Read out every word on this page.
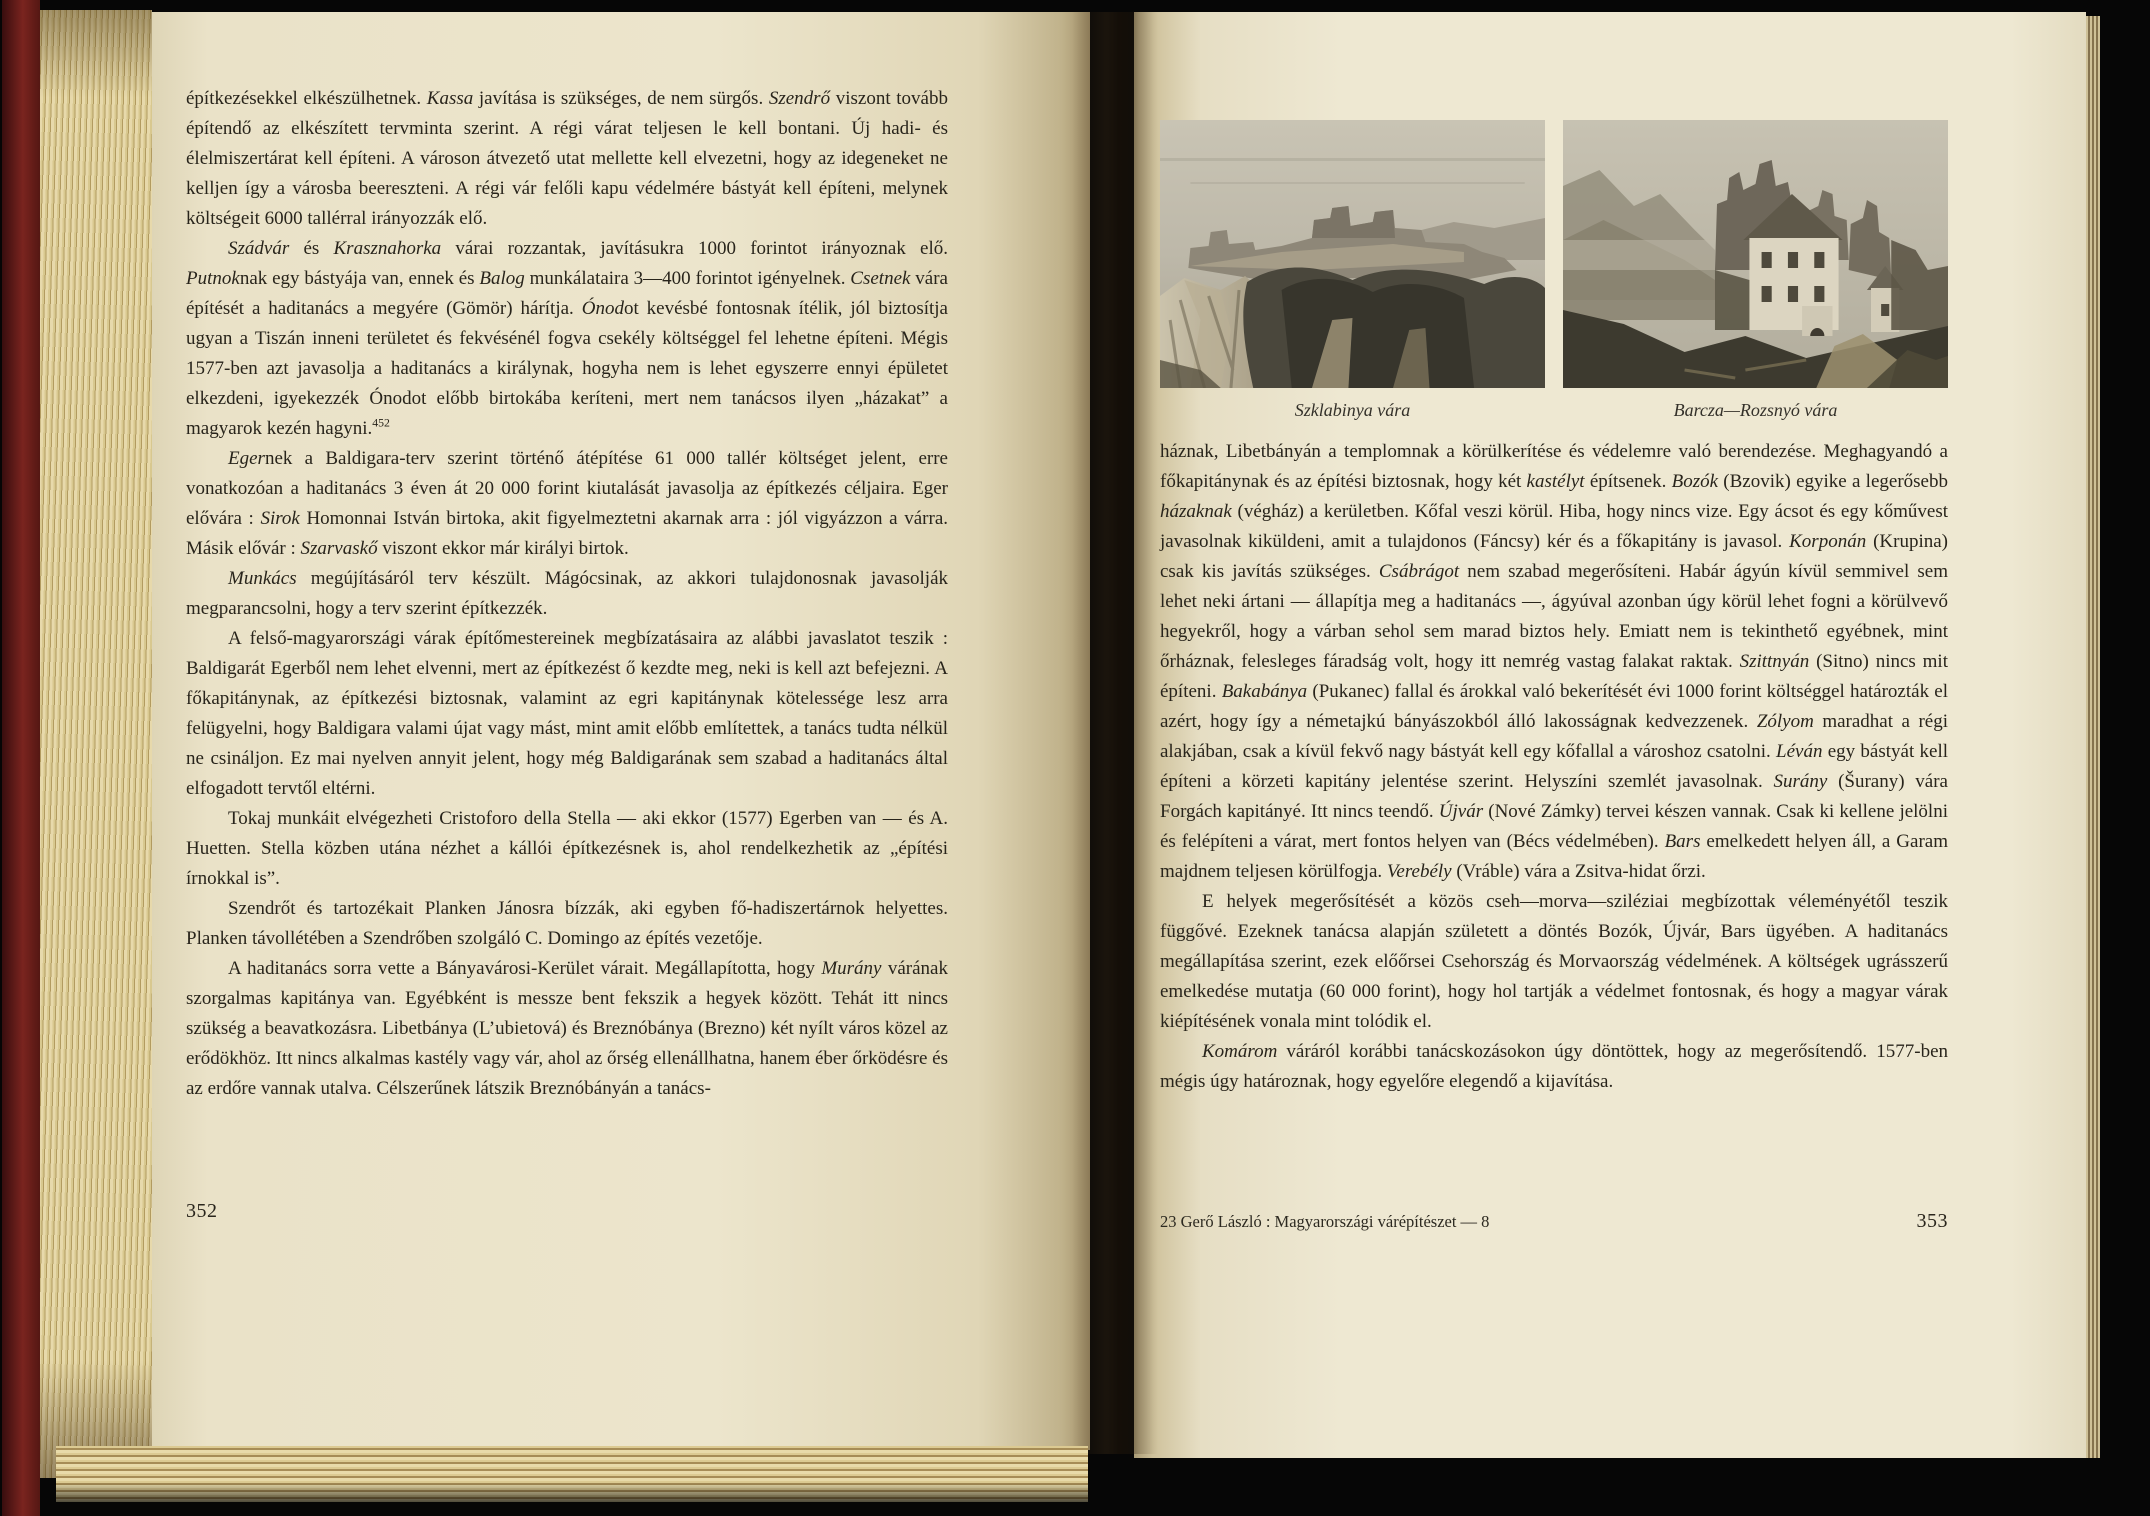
építkezésekkel elkészülhetnek. Kassa javítása is szükséges, de nem sürgős. Szendrő viszont tovább építendő az elkészített tervminta szerint. A régi várat teljesen le kell bontani. Új hadi- és élelmiszertárat kell építeni. A városon átvezető utat mellette kell elvezetni, hogy az idegeneket ne kelljen így a városba beereszteni. A régi vár felőli kapu védelmére bástyát kell építeni, melynek költségeit 6000 tallérral irányozzák elő.

Szádvár és Krasznahorka várai rozzantak, javításukra 1000 forintot irányoznak elő. Putnoknak egy bástyája van, ennek és Balog munkálataira 3—400 forintot igényelnek. Csetnek vára építését a haditanács a megyére (Gömör) hárítja. Ónodot kevésbé fontosnak ítélik, jól biztosítja ugyan a Tiszán inneni területet és fekvésénél fogva csekély költséggel fel lehetne építeni. Mégis 1577-ben azt javasolja a haditanács a királynak, hogyha nem is lehet egyszerre ennyi épületet elkezdeni, igyekezzék Ónodot előbb birtokába keríteni, mert nem tanácsos ilyen „házakat” a magyarok kezén hagyni.$^{452}$

Egernek a Baldigara-terv szerint történő átépítése 61 000 tallér költséget jelent, erre vonatkozóan a haditanács 3 éven át 20 000 forint kiutalását javasolja az építkezés céljaira. Eger elővára : Sirok Homonnai István birtoka, akit figyelmeztetni akarnak arra : jól vigyázzon a várra. Másik elővár : Szarvaskő viszont ekkor már királyi birtok.

Munkács megújításáról terv készült. Mágócsinak, az akkori tulajdonosnak javasolják megparancsolni, hogy a terv szerint építkezzék.

A felső-magyarországi várak építőmestereinek megbízatásaira az alábbi javaslatot teszik : Baldigarát Egerből nem lehet elvenni, mert az építkezést ő kezdte meg, neki is kell azt befejezni. A főkapitánynak, az építkezési biztosnak, valamint az egri kapitánynak kötelessége lesz arra felügyelni, hogy Baldigara valami újat vagy mást, mint amit előbb említettek, a tanács tudta nélkül ne csináljon. Ez mai nyelven annyit jelent, hogy még Baldigarának sem szabad a haditanács által elfogadott tervtől eltérni.

Tokaj munkáit elvégezheti Cristoforo della Stella — aki ekkor (1577) Egerben van — és A. Huetten. Stella közben utána nézhet a kállói építkezésnek is, ahol rendelkezhetik az „építési írnokkal is”.

Szendrőt és tartozékait Planken Jánosra bízzák, aki egyben fő-hadiszertárnok helyettes. Planken távollétében a Szendrőben szolgáló C. Domingo az építés vezetője.

A haditanács sorra vette a Bányavárosi-Kerület várait. Megállapította, hogy Murány várának szorgalmas kapitánya van. Egyébként is messze bent fekszik a hegyek között. Tehát itt nincs szükség a beavatkozásra. Libetbánya (L’ubietová) és Breznóbánya (Brezno) két nyílt város közel az erődökhöz. Itt nincs alkalmas kastély vagy vár, ahol az őrség ellenállhatna, hanem éber őrködésre és az erdőre vannak utalva. Célszerűnek látszik Breznóbányán a tanács-

352
Szklabinya vára	Barcza—Rozsnyó vára

háznak, Libetbányán a templomnak a körülkerítése és védelemre való berendezése. Meghagyandó a főkapitánynak és az építési biztosnak, hogy két kastélyt építsenek. Bozók (Bzovik) egyike a legerősebb házaknak (végház) a kerületben. Kőfal veszi körül. Hiba, hogy nincs vize. Egy ácsot és egy kőművest javasolnak kiküldeni, amit a tulajdonos (Fáncsy) kér és a főkapitány is javasol. Korponán (Krupina) csak kis javítás szükséges. Csábrágot nem szabad megerősíteni. Habár ágyún kívül semmivel sem lehet neki ártani — állapítja meg a haditanács —, ágyúval azonban úgy körül lehet fogni a körülvevő hegyekről, hogy a várban sehol sem marad biztos hely. Emiatt nem is tekinthető egyébnek, mint őrháznak, felesleges fáradság volt, hogy itt nemrég vastag falakat raktak. Szittnyán (Sitno) nincs mit építeni. Bakabánya (Pukanec) fallal és árokkal való bekerítését évi 1000 forint költséggel határozták el azért, hogy így a németajkú bányászokból álló lakosságnak kedvezzenek. Zólyom maradhat a régi alakjában, csak a kívül fekvő nagy bástyát kell egy kőfallal a városhoz csatolni. Léván egy bástyát kell építeni a körzeti kapitány jelentése szerint. Helyszíni szemlét javasolnak. Surány (Šurany) vára Forgách kapitányé. Itt nincs teendő. Újvár (Nové Zámky) tervei készen vannak. Csak ki kellene jelölni és felépíteni a várat, mert fontos helyen van (Bécs védelmében). Bars emelkedett helyen áll, a Garam majdnem teljesen körülfogja. Verebély (Vráble) vára a Zsitva-hidat őrzi.

E helyek megerősítését a közös cseh—morva—sziléziai megbízottak véleményétől teszik függővé. Ezeknek tanácsa alapján született a döntés Bozók, Újvár, Bars ügyében. A haditanács megállapítása szerint, ezek előőrsei Csehország és Morvaország védelmének. A költségek ugrásszerű emelkedése mutatja (60 000 forint), hogy hol tartják a védelmet fontosnak, és hogy a magyar várak kiépítésének vonala mint tolódik el.

Komárom váráról korábbi tanácskozásokon úgy döntöttek, hogy az megerősítendő. 1577-ben mégis úgy határoznak, hogy egyelőre elegendő a kijavítása.

23 Gerő László : Magyarországi várépítészet — 8	353
